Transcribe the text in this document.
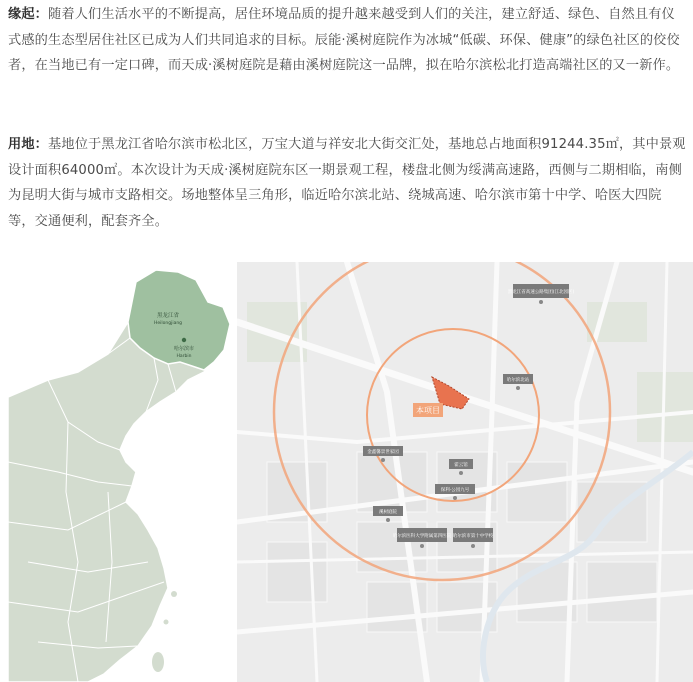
缘起：随着人们生活水平的不断提高，居住环境品质的提升越来越受到人们的关注，建立舒适、绿色、自然且有仪式感的生态型居住社区已成为人们共同追求的目标。辰能·溪树庭院作为冰城“低碳、环保、健康”的绿色社区的佼佼者，在当地已有一定口碑，而天成·溪树庭院是藉由溪树庭院这一品牌，拟在哈尔滨松北打造高端社区的又一新作。

用地：基地位于黑龙江省哈尔滨市松北区，万宝大道与祥安北大街交汇处，基地总占地面积91244.35㎡，其中景观设计面积64000㎡。本次设计为天成·溪树庭院东区一期景观工程，楼盘北侧为绥满高速路，西侧与二期相临，南侧为昆明大街与城市支路相交。场地整体呈三角形，临近哈尔滨北站、绕城高速、哈尔滨市第十中学、哈医大四院等，交通便利，配套齐全。

黑龙江省
Heilongjiang
哈尔滨市
Harbin
本项目
黑龙江省高速公路集团(江北园区)
哈尔滨北站
金鑫馨景世家园
霍云馆
保利·公园九号
溪树庭院
哈尔滨医科大学附属第四医院 哈尔滨市第十中学校
